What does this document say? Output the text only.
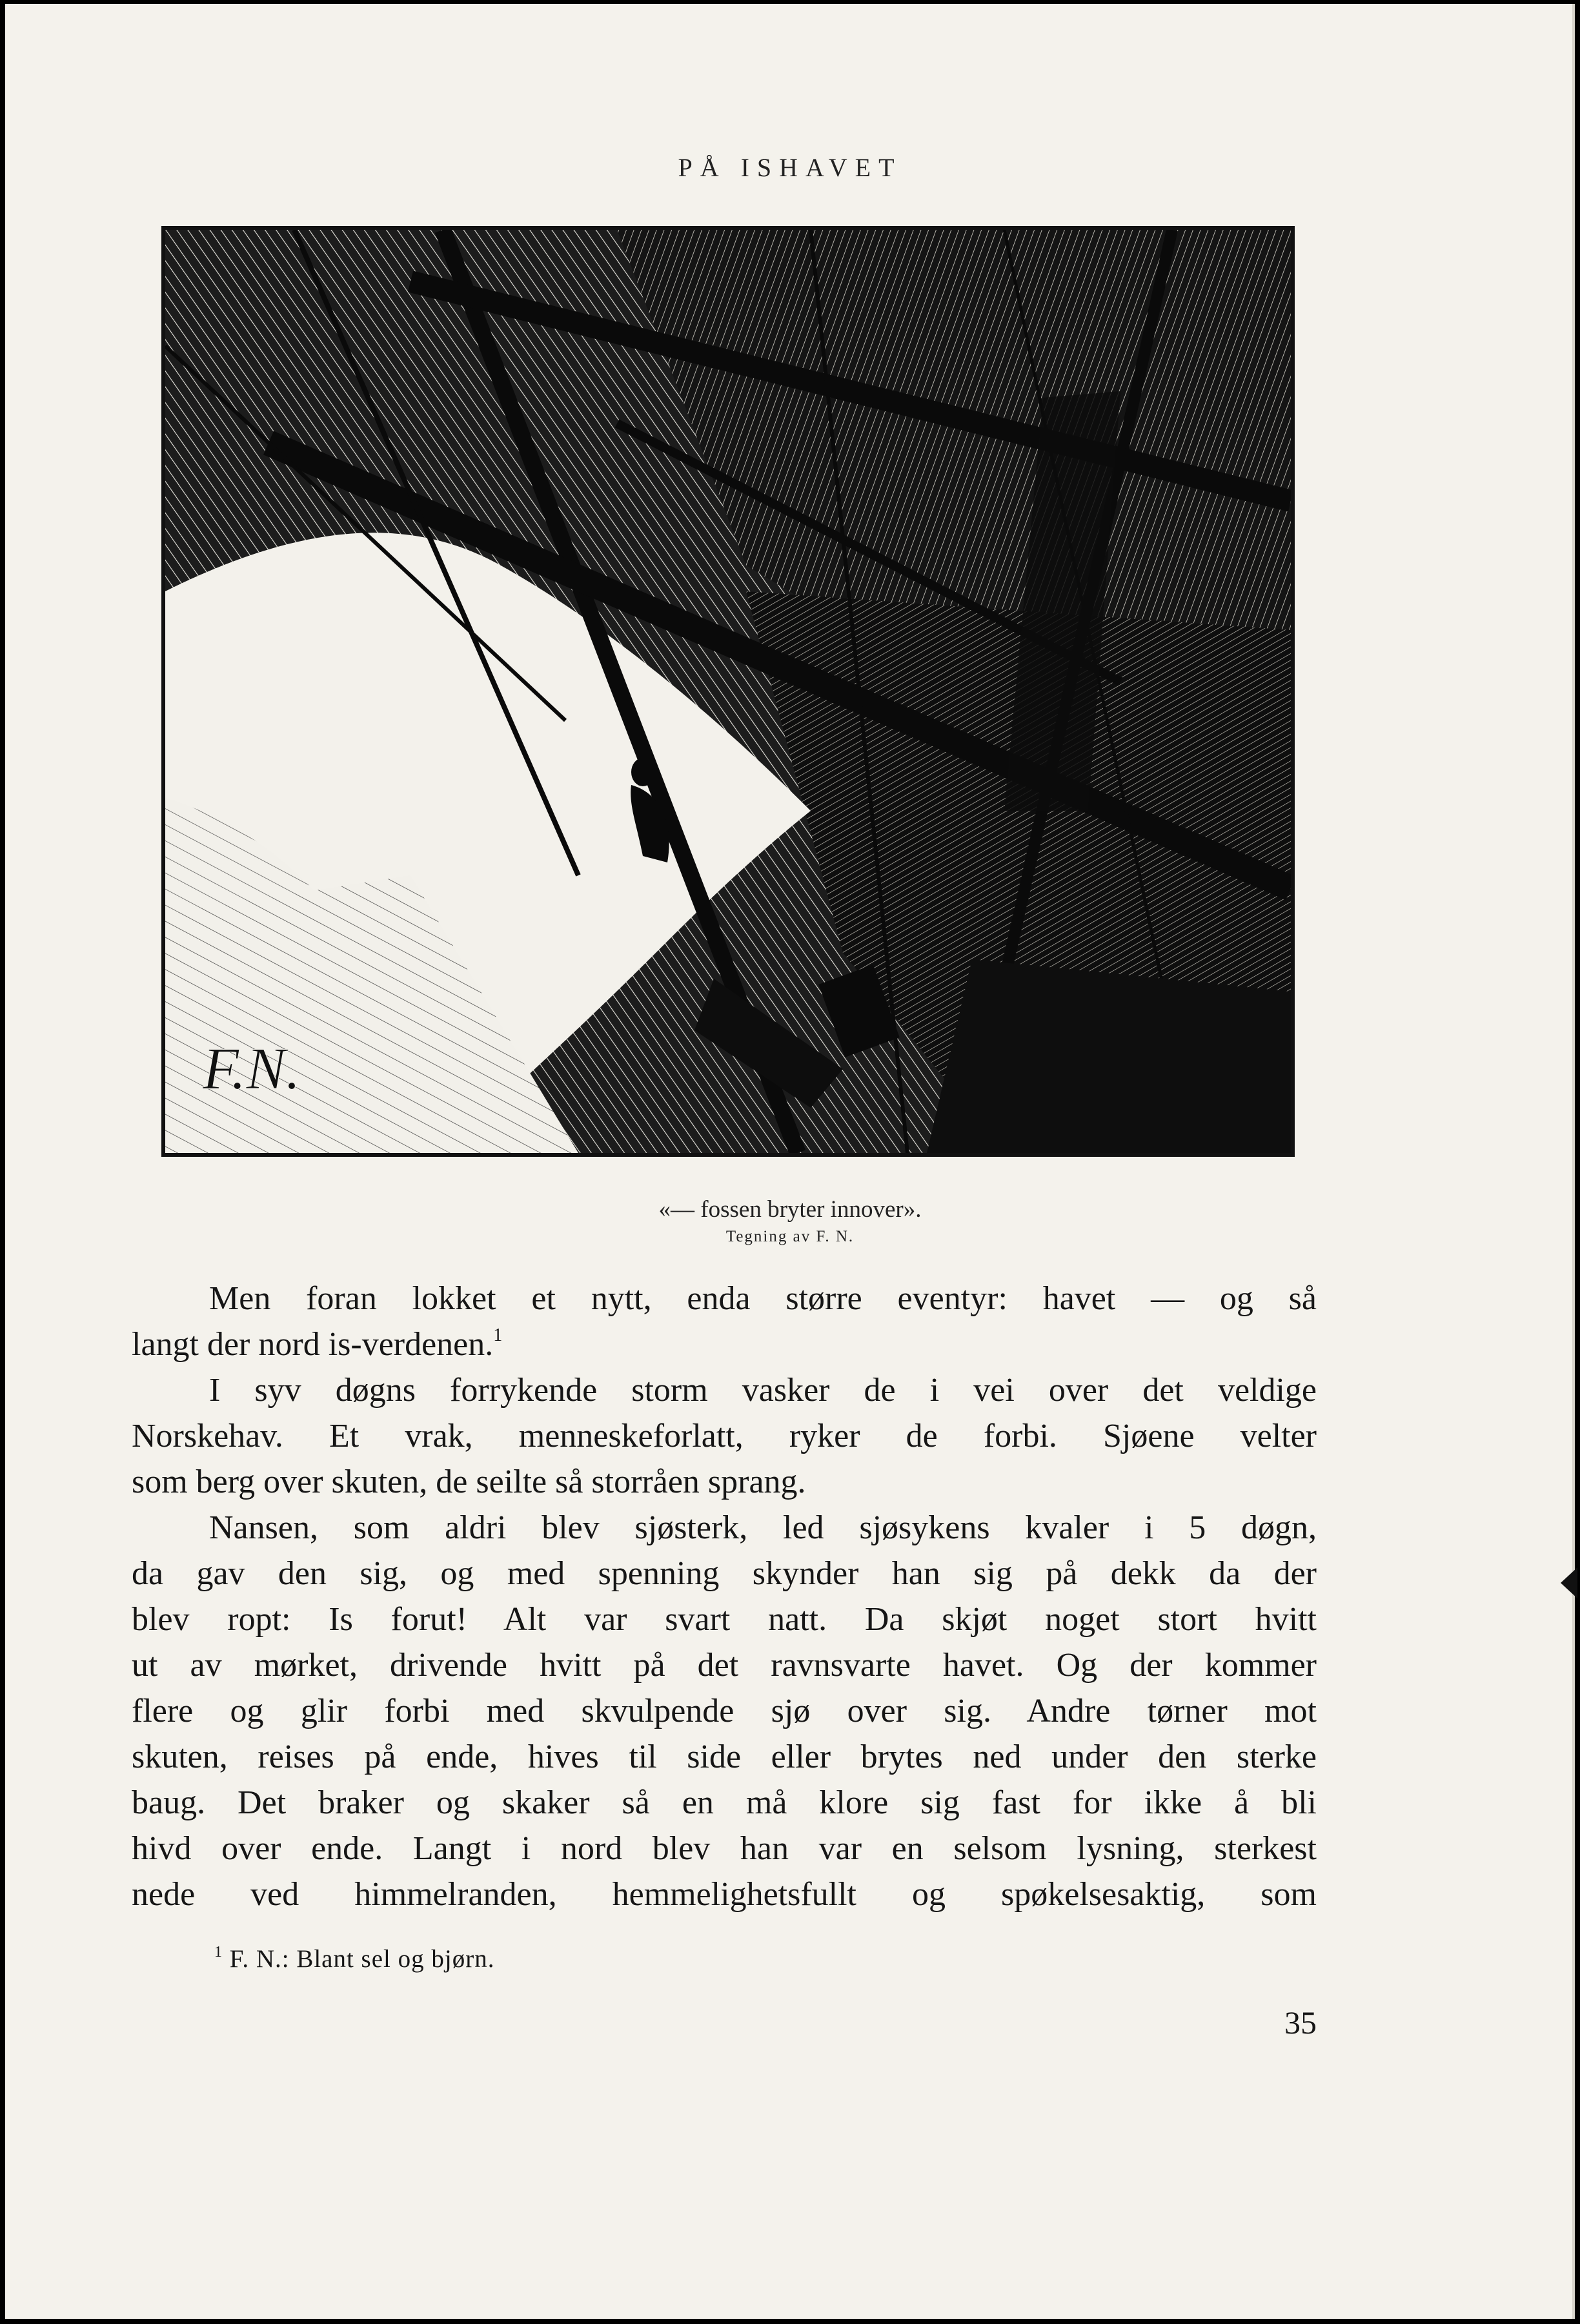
PÅ ISHAVET
F.N.
«— fossen bryter innover».
Tegning av F. N.
Men foran lokket et nytt, enda større eventyr: havet — og så
langt der nord is-verdenen.$^1$
I syv døgns forrykende storm vasker de i vei over det veldige
Norskehav. Et vrak, menneskeforlatt, ryker de forbi. Sjøene velter
som berg over skuten, de seilte så storråen sprang.
Nansen, som aldri blev sjøsterk, led sjøsykens kvaler i 5 døgn,
da gav den sig, og med spenning skynder han sig på dekk da der
blev ropt: Is forut! Alt var svart natt. Da skjøt noget stort hvitt
ut av mørket, drivende hvitt på det ravnsvarte havet. Og der kommer
flere og glir forbi med skvulpende sjø over sig. Andre tørner mot
skuten, reises på ende, hives til side eller brytes ned under den sterke
baug. Det braker og skaker så en må klore sig fast for ikke å bli
hivd over ende. Langt i nord blev han var en selsom lysning, sterkest
nede ved himmelranden, hemmelighetsfullt og spøkelsesaktig, som
$^1$ F. N.: Blant sel og bjørn.
35
